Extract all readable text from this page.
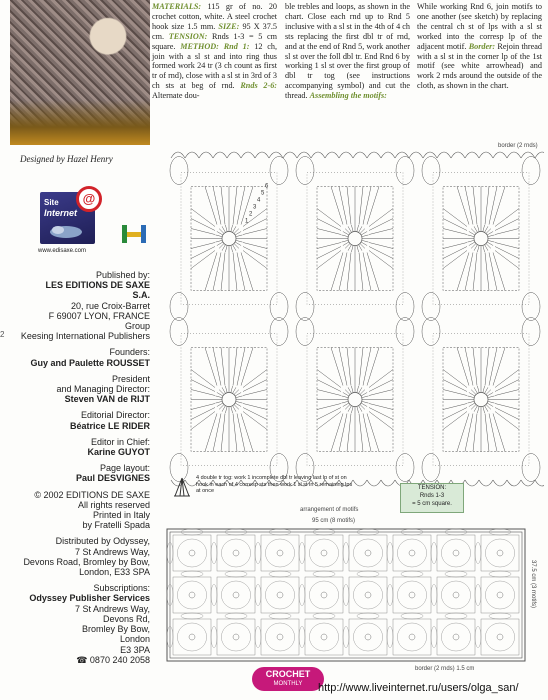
Designed by Hazel Henry
Site
Internet
@
www.edisaxe.com
2
Published by:
LES EDITIONS DE SAXE
S.A.
20, rue Croix-Barret
F 69007 LYON, FRANCE
Group
Keesing International Publishers
Founders:
Guy and Paulette ROUSSET
President
and Managing Director:
Steven VAN de RIJT
Editorial Director:
Béatrice LE RIDER
Editor in Chief:
Karine GUYOT
Page layout:
Paul DESVIGNES
© 2002 EDITIONS DE SAXE
All rights reserved
Printed in Italy
by Fratelli Spada
Distributed by Odyssey,
7 St Andrews Way,
Devons Road, Bromley by Bow,
London, E33 SPA
Subscriptions:
Odyssey Publisher Services
7 St Andrews Way,
Devons Rd,
Bromley By Bow,
London
E3 3PA
☎ 0870 240 2058
MATERIALS: 115 gr of no. 20 crochet cotton, white. A steel crochet hook size 1.5 mm. SIZE: 95 X 37.5 cm. TENSION: Rnds 1-3 = 5 cm square. METHOD: Rnd 1: 12 ch, join with a sl st and into ring thus formed work 24 tr (3 ch count as first tr of rnd), close with a sl st in 3rd of 3 ch sts at beg of rnd. Rnds 2-6: Alternate dou-
ble trebles and loops, as shown in the chart. Close each rnd up to Rnd 5 inclusive with a sl st in the 4th of 4 ch sts replacing the first dbl tr of rnd, and at the end of Rnd 5, work another sl st over the foll dbl tr. End Rnd 6 by working 1 sl st over the first group of dbl tr tog (see instructions accompanying symbol) and cut the thread. Assembling the motifs:
While working Rnd 6, join motifs to one another (see sketch) by replacing the central ch st of lps with a sl st worked into the corresp lp of the adjacent motif. Border: Rejoin thread with a sl st in the corner lp of the 1st motif (see white arrowhead) and work 2 rnds around the outside of the cloth, as shown in the chart.
1
2
3
4
5
6
border (2 rnds)
4 double tr tog: work 1 incomplete dbl tr leaving last lp of st on hook in each of 4 corresp sts then work 1 sl st in 5 remaining lps at once	TENSION:
Rnds 1-3
= 5 cm square.
arrangement of motifs
95 cm (8 motifs)
37.5 cm (3 motifs)
border (2 rnds) 1.5 cm
CROCHET
MONTHLY	http://www.liveinternet.ru/users/olga_san/
